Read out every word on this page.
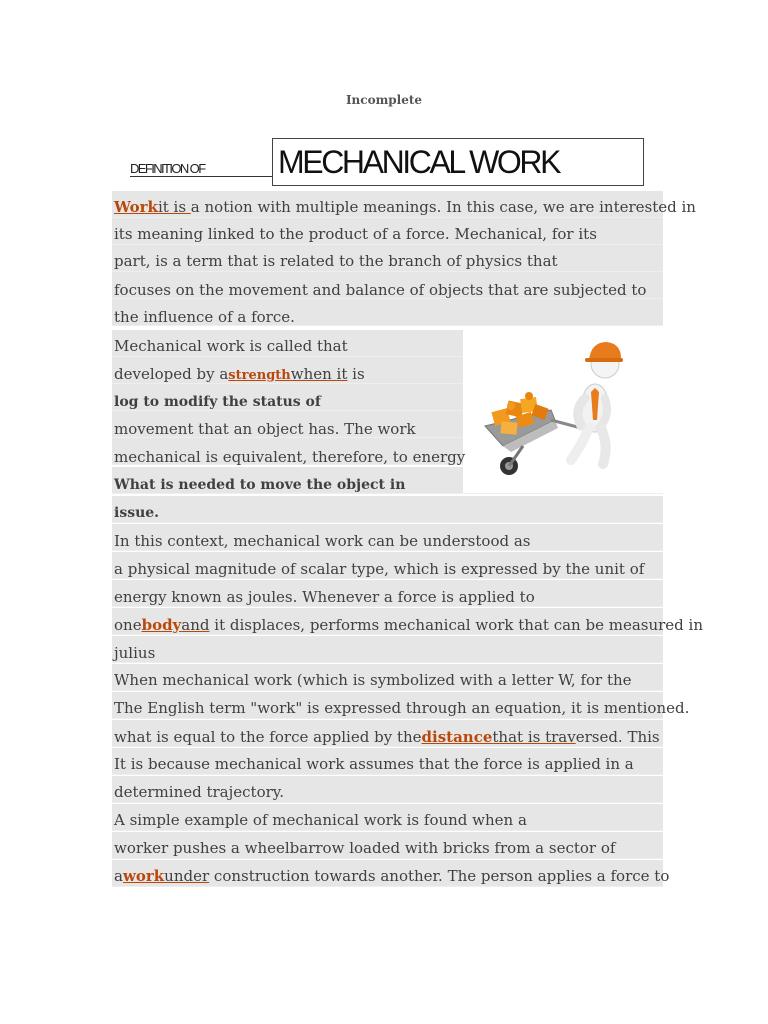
Incomplete
DEFINITION OF MECHANICAL WORK
Workit is a notion with multiple meanings. In this case, we are interested in
its meaning linked to the product of a force. Mechanical, for its
part, is a term that is related to the branch of physics that
focuses on the movement and balance of objects that are subjected to
the influence of a force.
Mechanical work is called that
developed by astrengthwhen it is
log to modify the status of
movement that an object has. The work
mechanical is equivalent, therefore, to energy
What is needed to move the object in
issue.
In this context, mechanical work can be understood as
a physical magnitude of scalar type, which is expressed by the unit of
energy known as joules. Whenever a force is applied to
onebodyand it displaces, performs mechanical work that can be measured in
julius
When mechanical work (which is symbolized with a letter W, for the
The English term "work" is expressed through an equation, it is mentioned.
what is equal to the force applied by thedistancethat is traversed. This
It is because mechanical work assumes that the force is applied in a
determined trajectory.
A simple example of mechanical work is found when a
worker pushes a wheelbarrow loaded with bricks from a sector of
aworkunder construction towards another. The person applies a force to
